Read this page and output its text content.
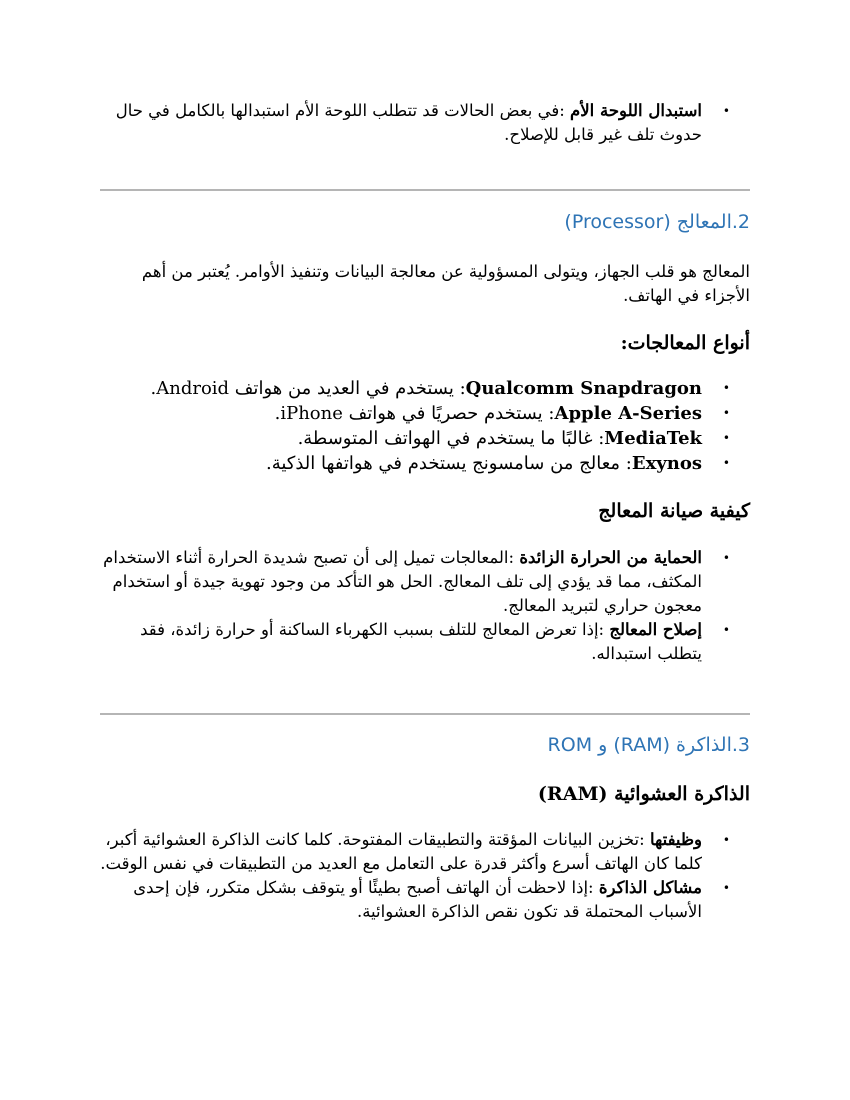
• استبدال اللوحة الأم :في بعض الحالات قد تتطلب اللوحة الأم استبدالها بالكامل في حال حدوث تلف غير قابل للإصلاح.
2.المعالج (Processor)
المعالج هو قلب الجهاز، ويتولى المسؤولية عن معالجة البيانات وتنفيذ الأوامر. يُعتبر من أهم الأجزاء في الهاتف.
أنواع المعالجات:
• Qualcomm Snapdragon: يستخدم في العديد من هواتف Android.
• Apple A-Series: يستخدم حصريًا في هواتف iPhone.
• MediaTek: غالبًا ما يستخدم في الهواتف المتوسطة.
• Exynos: معالج من سامسونج يستخدم في هواتفها الذكية.
كيفية صيانة المعالج
• الحماية من الحرارة الزائدة :المعالجات تميل إلى أن تصبح شديدة الحرارة أثناء الاستخدام المكثف، مما قد يؤدي إلى تلف المعالج. الحل هو التأكد من وجود تهوية جيدة أو استخدام معجون حراري لتبريد المعالج.
• إصلاح المعالج :إذا تعرض المعالج للتلف بسبب الكهرباء الساكنة أو حرارة زائدة، فقد يتطلب استبداله.
3.الذاكرة (RAM) و ROM
الذاكرة العشوائية (RAM)
• وظيفتها :تخزين البيانات المؤقتة والتطبيقات المفتوحة. كلما كانت الذاكرة العشوائية أكبر، كلما كان الهاتف أسرع وأكثر قدرة على التعامل مع العديد من التطبيقات في نفس الوقت.
• مشاكل الذاكرة :إذا لاحظت أن الهاتف أصبح بطيئًا أو يتوقف بشكل متكرر، فإن إحدى الأسباب المحتملة قد تكون نقص الذاكرة العشوائية.
